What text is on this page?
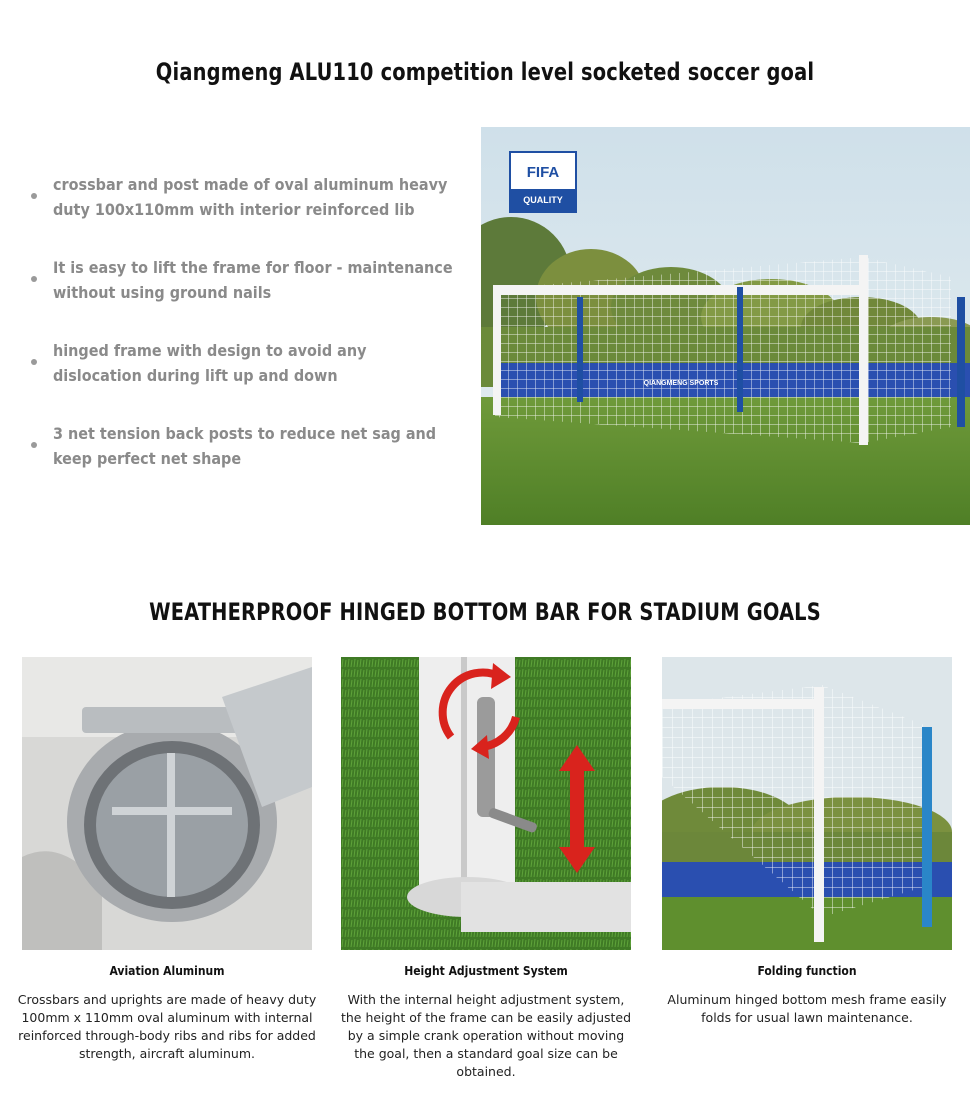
Qiangmeng ALU110 competition level socketed soccer goal
crossbar and post made of oval aluminum heavy duty 100x110mm with interior reinforced lib
It is easy to lift the frame for floor - maintenance without using ground nails
hinged frame with design to avoid any dislocation during lift up and down
3 net tension back posts to reduce net sag and keep perfect net shape
FIFA
QUALITY
QIANGMENG SPORTS
WEATHERPROOF HINGED BOTTOM BAR FOR STADIUM GOALS
Aviation Aluminum
Crossbars and uprights are made of heavy duty 100mm x 110mm oval aluminum with internal reinforced through-body ribs and ribs for added strength, aircraft aluminum.
Height Adjustment System
With the internal height adjustment system, the height of the frame can be easily adjusted by a simple crank operation without moving the goal, then a standard goal size can be obtained.
Folding function
Aluminum hinged bottom mesh frame easily folds for usual lawn maintenance.
